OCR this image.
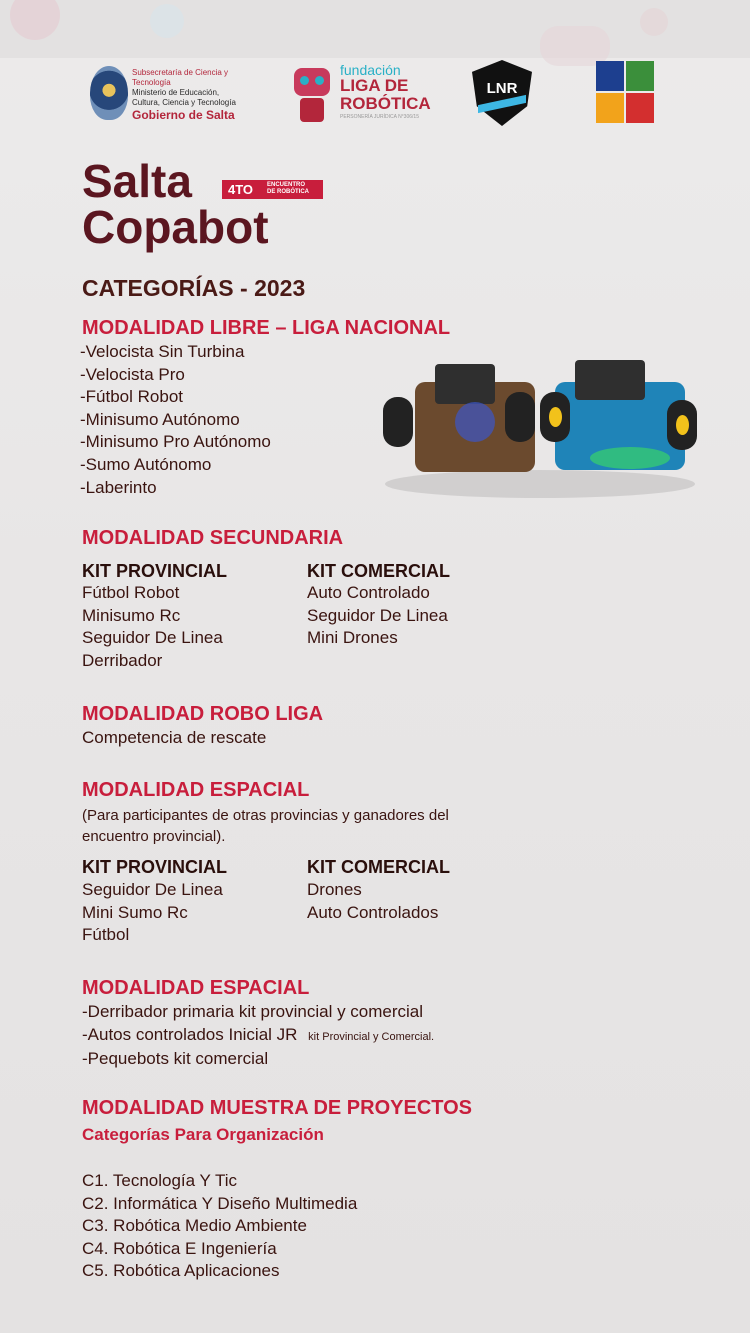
Subsecretaría de Ciencia y Tecnología
Ministerio de Educación,
Cultura, Ciencia y Tecnología
Gobierno de Salta
fundación
LIGA DE
ROBÓTICA
PERSONERÍA JURÍDICA N°306/15
LNR
Salta	4TO ENCUENTRO
DE ROBÓTICA
Copabot
CATEGORÍAS - 2023
MODALIDAD LIBRE – LIGA NACIONAL
-Velocista Sin Turbina
-Velocista Pro
-Fútbol Robot
-Minisumo Autónomo
-Minisumo Pro Autónomo
-Sumo Autónomo
-Laberinto
MODALIDAD SECUNDARIA
KIT PROVINCIAL
Fútbol Robot
Minisumo Rc
Seguidor De Linea
Derribador
KIT COMERCIAL
Auto Controlado
Seguidor De Linea
Mini Drones
MODALIDAD ROBO LIGA
Competencia de rescate
MODALIDAD ESPACIAL
(Para participantes de otras provincias y ganadores del
encuentro provincial).
KIT PROVINCIAL
Seguidor De Linea
Mini Sumo Rc
Fútbol
KIT COMERCIAL
Drones
Auto Controlados
MODALIDAD ESPACIAL
-Derribador primaria kit provincial y comercial
-Autos controlados Inicial JR kit Provincial y Comercial.
-Pequebots kit comercial
MODALIDAD MUESTRA DE PROYECTOS
Categorías Para Organización
C1. Tecnología Y Tic
C2. Informática Y Diseño Multimedia
C3. Robótica Medio Ambiente
C4. Robótica E Ingeniería
C5. Robótica Aplicaciones
